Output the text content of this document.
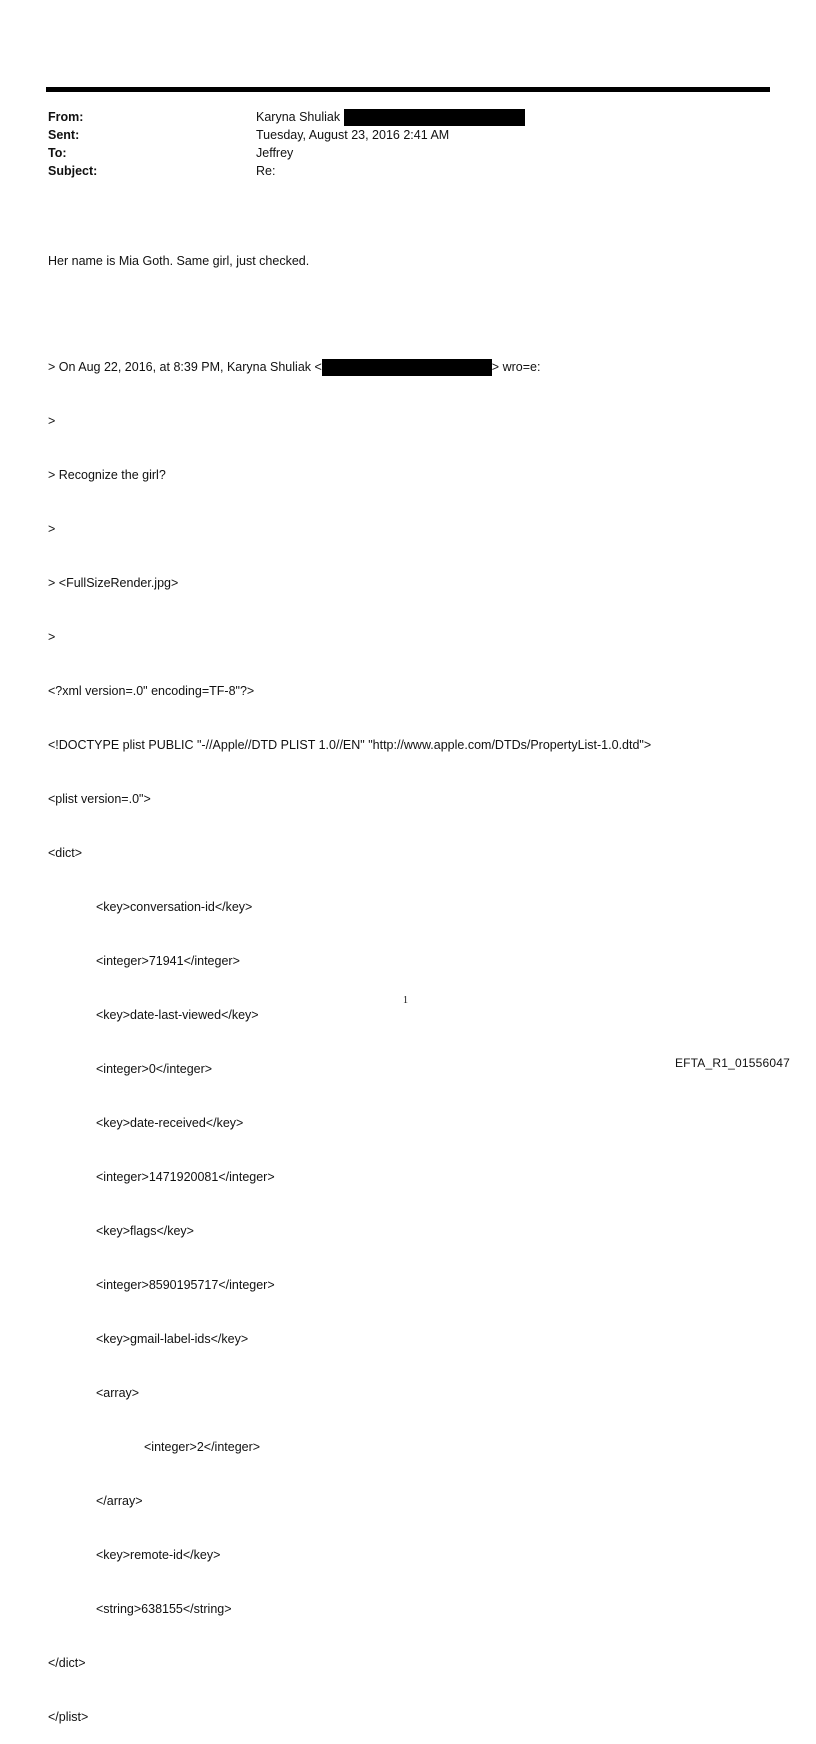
From:	Karyna Shuliak
Sent:	Tuesday, August 23, 2016 2:41 AM
To:	Jeffrey
Subject:	Re:

Her name is Mia Goth. Same girl, just checked.

> On Aug 22, 2016, at 8:39 PM, Karyna Shuliak <	> wro=e:

>

> Recognize the girl?

>

> <FullSizeRender.jpg>

>

<?xml version=.0" encoding=TF-8"?>

<!DOCTYPE plist PUBLIC "-//Apple//DTD PLIST 1.0//EN" "http://www.apple.com/DTDs/PropertyList-1.0.dtd">

<plist version=.0">

<dict>

<key>conversation-id</key>

<integer>71941</integer>

<key>date-last-viewed</key>

<integer>0</integer>

<key>date-received</key>

<integer>1471920081</integer>

<key>flags</key>

<integer>8590195717</integer>

<key>gmail-label-ids</key>

<array>

<integer>2</integer>

</array>

<key>remote-id</key>

<string>638155</string>

</dict>

</plist>

1
EFTA_R1_01556047
